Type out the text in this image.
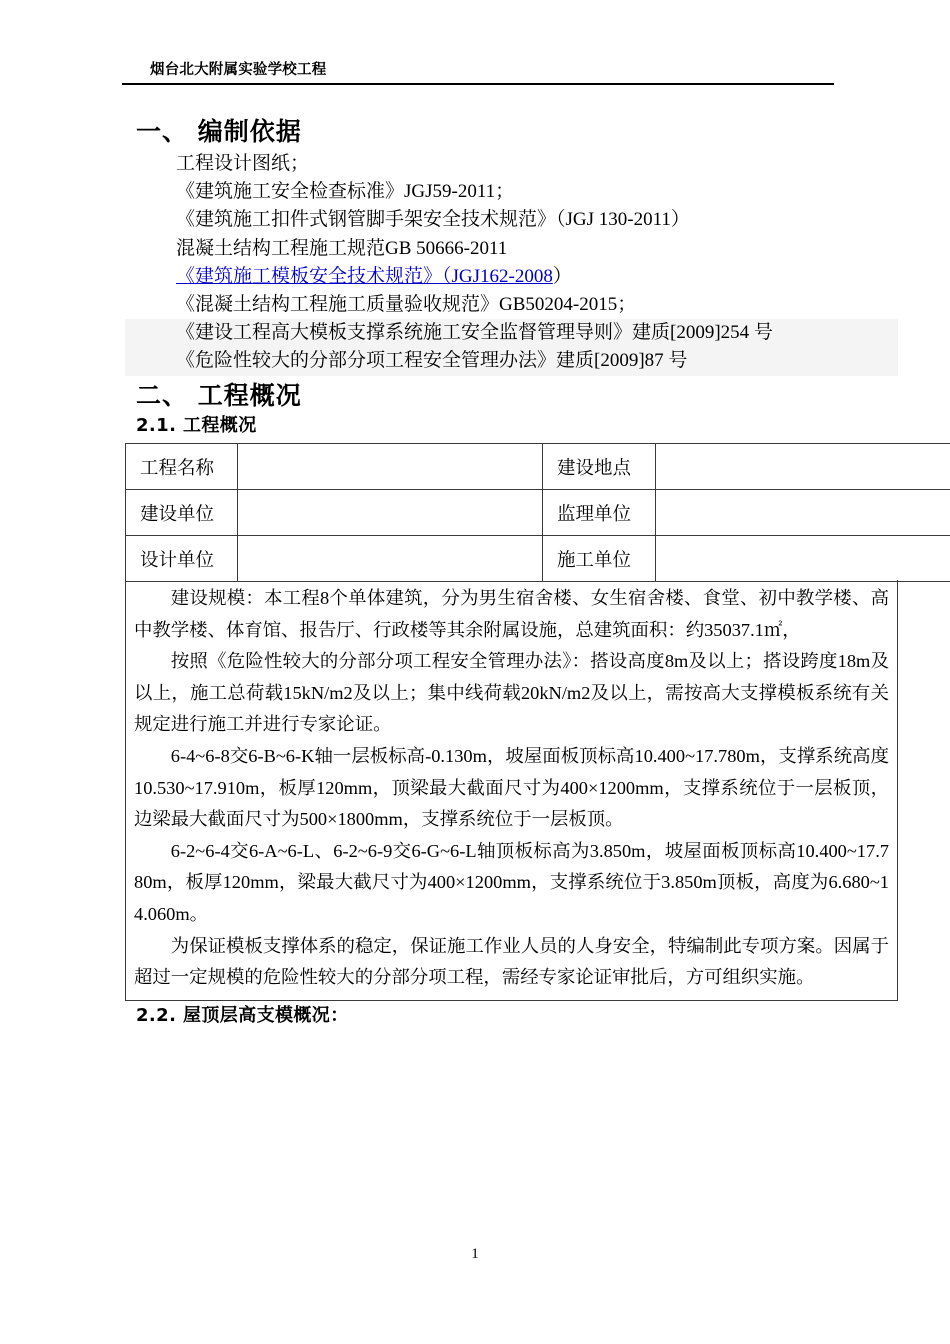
烟台北大附属实验学校工程
一、 编制依据
工程设计图纸；
《建筑施工安全检查标准》JGJ59-2011；
《建筑施工扣件式钢管脚手架安全技术规范》（JGJ 130-2011）
混凝土结构工程施工规范GB 50666-2011
《建筑施工模板安全技术规范》（JGJ162-2008）
《混凝土结构工程施工质量验收规范》GB50204-2015；
《建设工程高大模板支撑系统施工安全监督管理导则》建质[2009]254 号
《危险性较大的分部分项工程安全管理办法》建质[2009]87 号
二、 工程概况
2.1. 工程概况
工程名称		建设地点	
建设单位		监理单位	
设计单位		施工单位	

建设规模：本工程8个单体建筑，分为男生宿舍楼、女生宿舍楼、食堂、初中教学楼、高中教学楼、体育馆、报告厅、行政楼等其余附属设施，总建筑面积：约35037.1㎡，

按照《危险性较大的分部分项工程安全管理办法》：搭设高度8m及以上；搭设跨度18m及以上，施工总荷载15kN/m2及以上；集中线荷载20kN/m2及以上，需按高大支撑模板系统有关规定进行施工并进行专家论证。

6-4~6-8交6-B~6-K轴一层板标高-0.130m，坡屋面板顶标高10.400~17.780m，支撑系统高度10.530~17.910m，板厚120mm，顶梁最大截面尺寸为400×1200mm，支撑系统位于一层板顶，边梁最大截面尺寸为500×1800mm，支撑系统位于一层板顶。

6-2~6-4交6-A~6-L、6-2~6-9交6-G~6-L轴顶板标高为3.850m，坡屋面板顶标高10.400~17.780m，板厚120mm，梁最大截尺寸为400×1200mm，支撑系统位于3.850m顶板，高度为6.680~14.060m。

为保证模板支撑体系的稳定，保证施工作业人员的人身安全，特编制此专项方案。因属于超过一定规模的危险性较大的分部分项工程，需经专家论证审批后，方可组织实施。

2.2. 屋顶层高支模概况：
1
